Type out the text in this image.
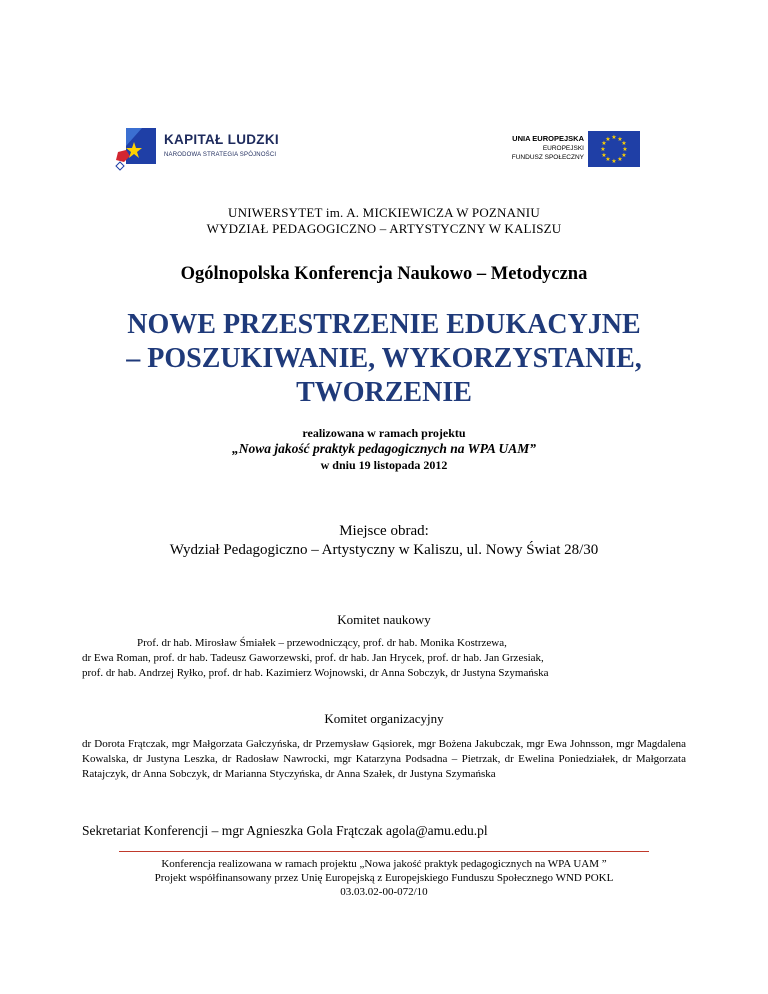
KAPITAŁ LUDZKI
NARODOWA STRATEGIA SPÓJNOŚCI
UNIA EUROPEJSKA
EUROPEJSKI
FUNDUSZ SPOŁECZNY
★ ★
★
★
★
★
★
★
★
★
★
★
UNIWERSYTET im. A. MICKIEWICZA W POZNANIU
WYDZIAŁ PEDAGOGICZNO – ARTYSTYCZNY W KALISZU
Ogólnopolska Konferencja Naukowo – Metodyczna
NOWE PRZESTRZENIE EDUKACYJNE
– POSZUKIWANIE, WYKORZYSTANIE,
TWORZENIE
realizowana w ramach projektu
„Nowa jakość praktyk pedagogicznych na WPA UAM”
w dniu 19 listopada 2012
Miejsce obrad:
Wydział Pedagogiczno – Artystyczny w Kaliszu, ul. Nowy Świat 28/30
Komitet naukowy
Prof. dr hab. Mirosław Śmiałek – przewodniczący, prof. dr hab. Monika Kostrzewa,
dr Ewa Roman, prof. dr hab. Tadeusz Gaworzewski, prof. dr hab. Jan Hrycek, prof. dr hab. Jan Grzesiak,
prof. dr hab. Andrzej Ryłko, prof. dr hab. Kazimierz Wojnowski, dr Anna Sobczyk, dr Justyna Szymańska
Komitet organizacyjny
dr Dorota Frątczak, mgr Małgorzata Gałczyńska, dr Przemysław Gąsiorek, mgr Bożena Jakubczak, mgr Ewa Johnsson, mgr Magdalena Kowalska, dr Justyna Leszka, dr Radosław Nawrocki, mgr Katarzyna Podsadna – Pietrzak, dr Ewelina Poniedziałek, dr Małgorzata Ratajczyk, dr Anna Sobczyk, dr Marianna Styczyńska, dr Anna Szałek, dr Justyna Szymańska
Sekretariat Konferencji – mgr Agnieszka Gola Frątczak agola@amu.edu.pl
Konferencja realizowana w ramach projektu „Nowa jakość praktyk pedagogicznych na WPA UAM ”
Projekt współfinansowany przez Unię Europejską z Europejskiego Funduszu Społecznego WND POKL
03.03.02-00-072/10
